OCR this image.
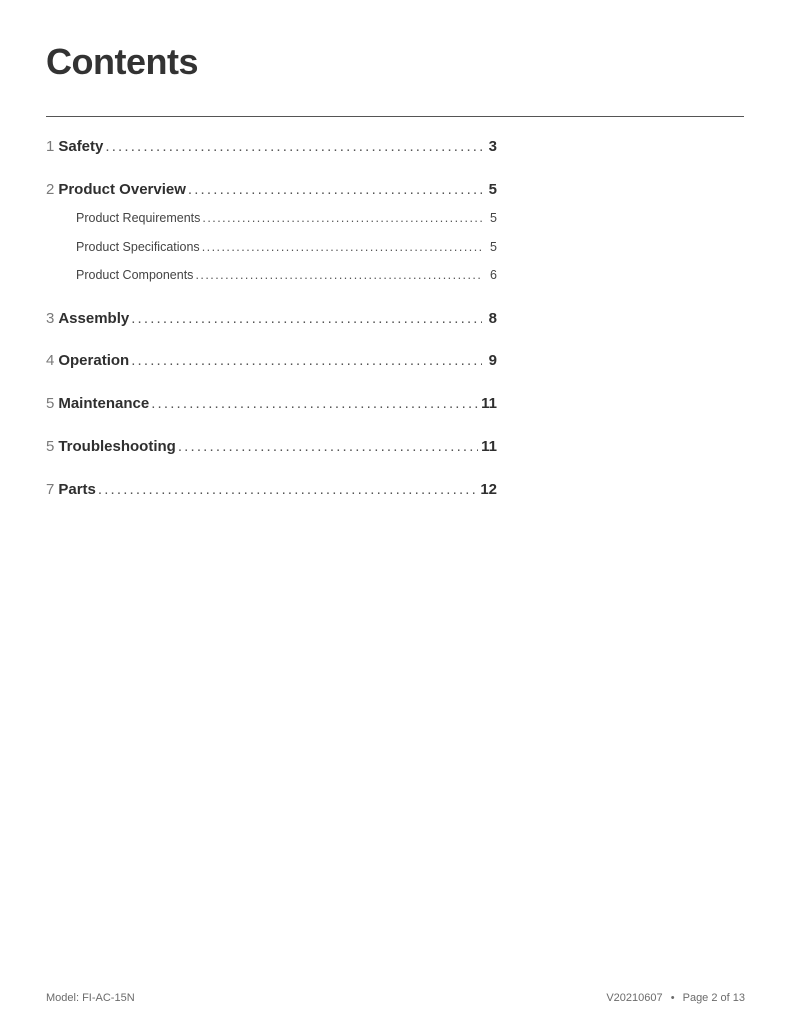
Contents
1 Safety . . .	3
2 Product Overview . . .	5
Product Requirements . . .	5
Product Specifications . . .	5
Product Components . . .	6
3 Assembly . . .	8
4 Operation . . .	9
5 Maintenance . . .	11
5 Troubleshooting . . .	11
7 Parts . . .	12
Model: FI-AC-15N	V20210607 • Page 2 of 13
